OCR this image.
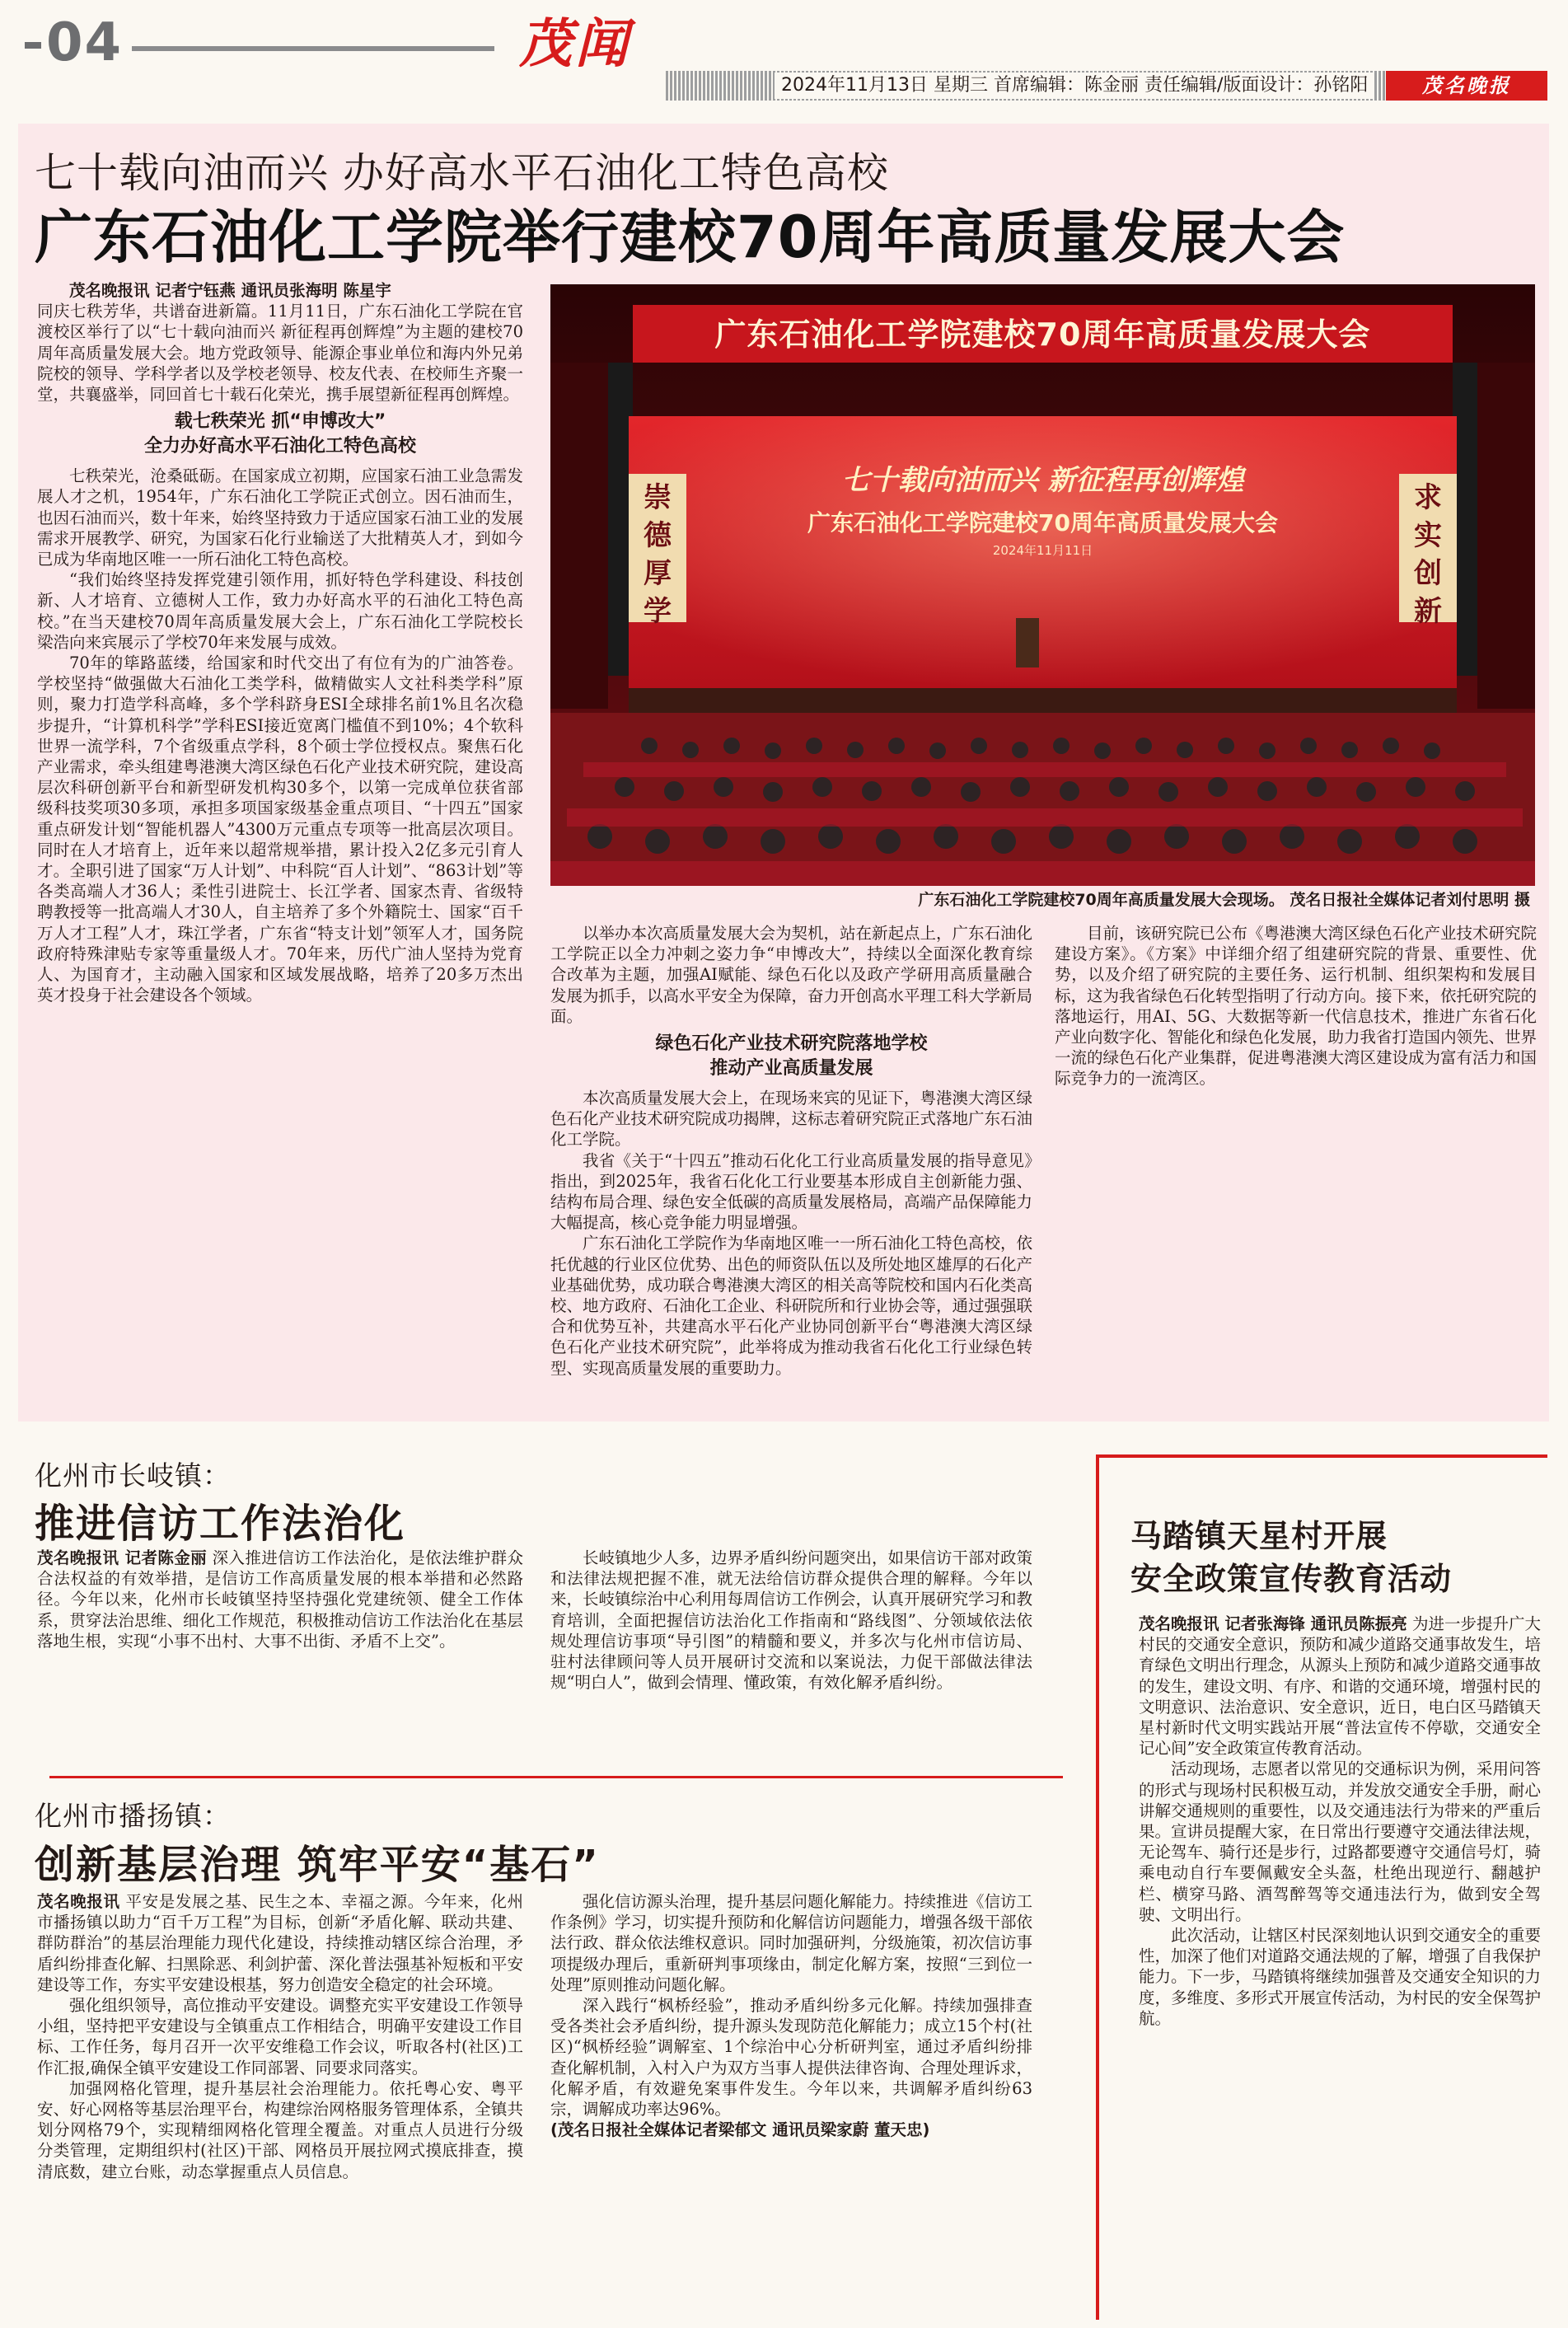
04	茂闻
2024年11月13日 星期三 首席编辑：陈金丽 责任编辑/版面设计：孙铭阳	茂名晚报
七十载向油而兴 办好高水平石油化工特色高校
广东石油化工学院举行建校70周年高质量发展大会

茂名晚报讯 记者宁钰燕 通讯员张海明 陈星宇

同庆七秩芳华，共谱奋进新篇。11月11日，广东石油化工学院在官渡校区举行了以“七十载向油而兴 新征程再创辉煌”为主题的建校70周年高质量发展大会。地方党政领导、能源企事业单位和海内外兄弟院校的领导、学科学者以及学校老领导、校友代表、在校师生齐聚一堂，共襄盛举，同回首七十载石化荣光，携手展望新征程再创辉煌。

载七秩荣光 抓“申博改大”
全力办好高水平石油化工特色高校

七秩荣光，沧桑砥砺。在国家成立初期，应国家石油工业急需发展人才之机，1954年，广东石油化工学院正式创立。因石油而生，也因石油而兴，数十年来，始终坚持致力于适应国家石油工业的发展需求开展教学、研究，为国家石化行业输送了大批精英人才，到如今已成为华南地区唯一一所石油化工特色高校。

“我们始终坚持发挥党建引领作用，抓好特色学科建设、科技创新、人才培育、立德树人工作，致力办好高水平的石油化工特色高校。”在当天建校70周年高质量发展大会上，广东石油化工学院校长梁浩向来宾展示了学校70年来发展与成效。

70年的筚路蓝缕，给国家和时代交出了有位有为的广油答卷。学校坚持“做强做大石油化工类学科，做精做实人文社科类学科”原则，聚力打造学科高峰，多个学科跻身ESI全球排名前1%且名次稳步提升，“计算机科学”学科ESI接近宽离门槛值不到10%；4个软科世界一流学科，7个省级重点学科，8个硕士学位授权点。聚焦石化产业需求，牵头组建粤港澳大湾区绿色石化产业技术研究院，建设高层次科研创新平台和新型研发机构30多个，以第一完成单位获省部级科技奖项30多项，承担多项国家级基金重点项目、“十四五”国家重点研发计划“智能机器人”4300万元重点专项等一批高层次项目。同时在人才培育上，近年来以超常规举措，累计投入2亿多元引育人才。全职引进了国家“万人计划”、中科院“百人计划”、“863计划”等各类高端人才36人；柔性引进院士、长江学者、国家杰青、省级特聘教授等一批高端人才30人，自主培养了多个外籍院士、国家“百千万人才工程”人才，珠江学者，广东省“特支计划”领军人才，国务院政府特殊津贴专家等重量级人才。70年来，历代广油人坚持为党育人、为国育才，主动融入国家和区域发展战略，培养了20多万杰出英才投身于社会建设各个领域。

广东石油化工学院建校70周年高质量发展大会
七十载向油而兴 新征程再创辉煌
广东石油化工学院建校70周年高质量发展大会
2024年11月11日
崇德 厚学
求实 创新
广东石油化工学院建校70周年高质量发展大会现场。 茂名日报社全媒体记者刘付思明 摄

以举办本次高质量发展大会为契机，站在新起点上，广东石油化工学院正以全力冲刺之姿力争“申博改大”，持续以全面深化教育综合改革为主题，加强AI赋能、绿色石化以及政产学研用高质量融合发展为抓手，以高水平安全为保障，奋力开创高水平理工科大学新局面。

绿色石化产业技术研究院落地学校
推动产业高质量发展

本次高质量发展大会上，在现场来宾的见证下，粤港澳大湾区绿色石化产业技术研究院成功揭牌，这标志着研究院正式落地广东石油化工学院。

我省《关于“十四五”推动石化化工行业高质量发展的指导意见》指出，到2025年，我省石化化工行业要基本形成自主创新能力强、结构布局合理、绿色安全低碳的高质量发展格局，高端产品保障能力大幅提高，核心竞争能力明显增强。

广东石油化工学院作为华南地区唯一一所石油化工特色高校，依托优越的行业区位优势、出色的师资队伍以及所处地区雄厚的石化产业基础优势，成功联合粤港澳大湾区的相关高等院校和国内石化类高校、地方政府、石油化工企业、科研院所和行业协会等，通过强强联合和优势互补，共建高水平石化产业协同创新平台“粤港澳大湾区绿色石化产业技术研究院”，此举将成为推动我省石化化工行业绿色转型、实现高质量发展的重要助力。

目前，该研究院已公布《粤港澳大湾区绿色石化产业技术研究院建设方案》。《方案》中详细介绍了组建研究院的背景、重要性、优势，以及介绍了研究院的主要任务、运行机制、组织架构和发展目标，这为我省绿色石化转型指明了行动方向。接下来，依托研究院的落地运行，用AI、5G、大数据等新一代信息技术，推进广东省石化产业向数字化、智能化和绿色化发展，助力我省打造国内领先、世界一流的绿色石化产业集群，促进粤港澳大湾区建设成为富有活力和国际竞争力的一流湾区。

化州市长岐镇：
推进信访工作法治化

茂名晚报讯 记者陈金丽 深入推进信访工作法治化，是依法维护群众合法权益的有效举措，是信访工作高质量发展的根本举措和必然路径。今年以来，化州市长岐镇坚持坚持强化党建统领、健全工作体系，贯穿法治思维、细化工作规范，积极推动信访工作法治化在基层落地生根，实现“小事不出村、大事不出街、矛盾不上交”。

长岐镇地少人多，边界矛盾纠纷问题突出，如果信访干部对政策和法律法规把握不准，就无法给信访群众提供合理的解释。今年以来，长岐镇综治中心利用每周信访工作例会，认真开展研究学习和教育培训，全面把握信访法治化工作指南和“路线图”、分领域依法依规处理信访事项“导引图”的精髓和要义，并多次与化州市信访局、驻村法律顾问等人员开展研讨交流和以案说法，力促干部做法律法规“明白人”，做到会情理、懂政策，有效化解矛盾纠纷。

化州市播扬镇：
创新基层治理 筑牢平安“基石”

茂名晚报讯 平安是发展之基、民生之本、幸福之源。今年来，化州市播扬镇以助力“百千万工程”为目标，创新“矛盾化解、联动共建、群防群治”的基层治理能力现代化建设，持续推动辖区综合治理，矛盾纠纷排查化解、扫黑除恶、利剑护蕾、深化普法强基补短板和平安建设等工作，夯实平安建设根基，努力创造安全稳定的社会环境。

强化组织领导，高位推动平安建设。调整充实平安建设工作领导小组，坚持把平安建设与全镇重点工作相结合，明确平安建设工作目标、工作任务，每月召开一次平安维稳工作会议，听取各村(社区)工作汇报,确保全镇平安建设工作同部署、同要求同落实。

加强网格化管理，提升基层社会治理能力。依托粤心安、粤平安、好心网格等基层治理平台，构建综治网格服务管理体系，全镇共划分网格79个，实现精细网格化管理全覆盖。对重点人员进行分级分类管理，定期组织村(社区)干部、网格员开展拉网式摸底排查，摸清底数，建立台账，动态掌握重点人员信息。

强化信访源头治理，提升基层问题化解能力。持续推进《信访工作条例》学习，切实提升预防和化解信访问题能力，增强各级干部依法行政、群众依法维权意识。同时加强研判，分级施策，初次信访事项提级办理后，重新研判事项缘由，制定化解方案，按照“三到位一处理”原则推动问题化解。

深入践行“枫桥经验”，推动矛盾纠纷多元化解。持续加强排查受各类社会矛盾纠纷，提升源头发现防范化解能力；成立15个村(社区)“枫桥经验”调解室、1个综治中心分析研判室，通过矛盾纠纷排查化解机制，入村入户为双方当事人提供法律咨询、合理处理诉求，化解矛盾，有效避免案事件发生。今年以来，共调解矛盾纠纷63宗，调解成功率达96%。

(茂名日报社全媒体记者梁郁文 通讯员梁家蔚 董天忠)

马踏镇天星村开展
安全政策宣传教育活动

茂名晚报讯 记者张海锋 通讯员陈振亮 为进一步提升广大村民的交通安全意识，预防和减少道路交通事故发生，培育绿色文明出行理念，从源头上预防和减少道路交通事故的发生，建设文明、有序、和谐的交通环境，增强村民的文明意识、法治意识、安全意识，近日，电白区马踏镇天星村新时代文明实践站开展“普法宣传不停歇，交通安全记心间”安全政策宣传教育活动。

活动现场，志愿者以常见的交通标识为例，采用问答的形式与现场村民积极互动，并发放交通安全手册，耐心讲解交通规则的重要性，以及交通违法行为带来的严重后果。宣讲员提醒大家，在日常出行要遵守交通法律法规，无论驾车、骑行还是步行，过路都要遵守交通信号灯，骑乘电动自行车要佩戴安全头盔，杜绝出现逆行、翻越护栏、横穿马路、酒驾醉驾等交通违法行为，做到安全驾驶、文明出行。

此次活动，让辖区村民深刻地认识到交通安全的重要性，加深了他们对道路交通法规的了解，增强了自我保护能力。下一步，马踏镇将继续加强普及交通安全知识的力度，多维度、多形式开展宣传活动，为村民的安全保驾护航。
